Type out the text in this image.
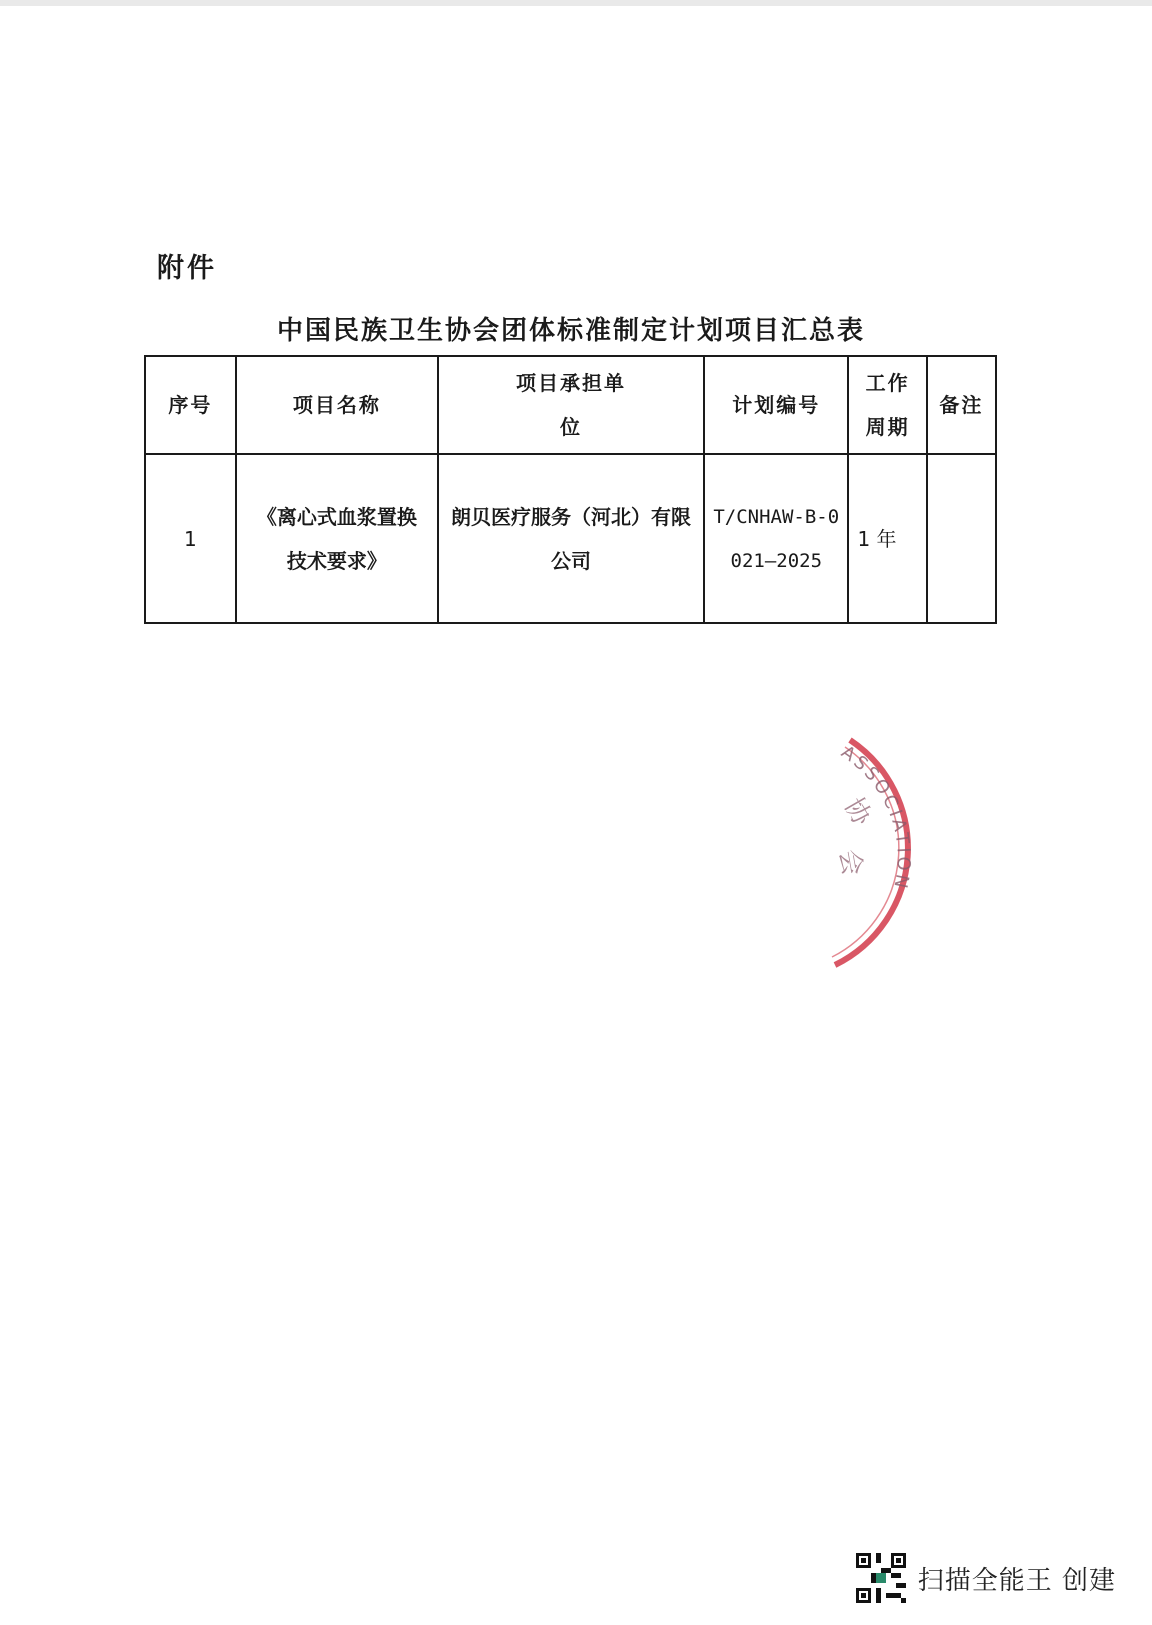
附件
中国民族卫生协会团体标准制定计划项目汇总表
序号	项目名称	项目承担单位	计划编号	工作周期	备注
1	《离心式血浆置换技术要求》	朗贝医疗服务（河北）有限公司	T/CNHAW-B-0021—2025	1 年	
ASSOCIATION
协
会
扫描全能王 创建
